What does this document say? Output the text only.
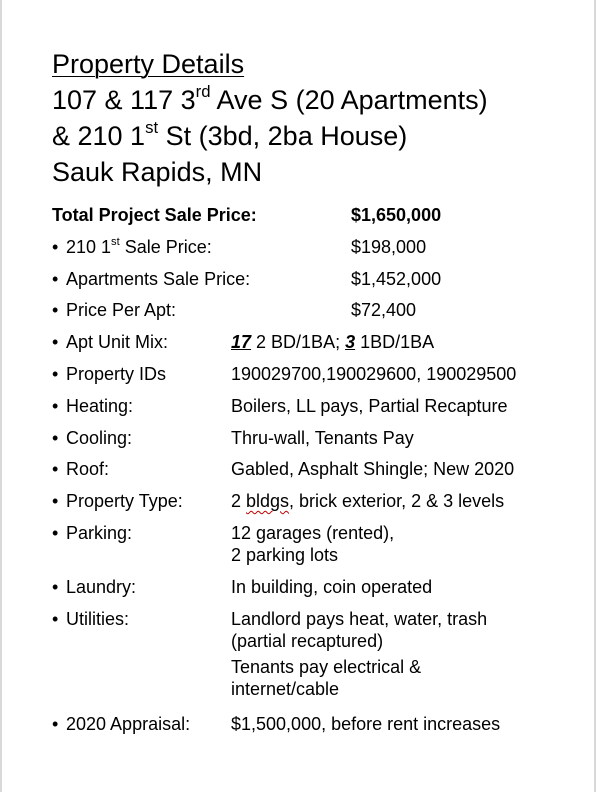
Property Details
107 & 117 3rd Ave S (20 Apartments)
& 210 1st St (3bd, 2ba House)
Sauk Rapids, MN
Total Project Sale Price:	$1,650,000
• 210 1st Sale Price:	$198,000
• Apartments Sale Price:	$1,452,000
• Price Per Apt:	$72,400
• Apt Unit Mix:	17 2 BD/1BA; 3 1BD/1BA
• Property IDs	190029700,190029600, 190029500
• Heating:	Boilers, LL pays, Partial Recapture
• Cooling:	Thru-wall, Tenants Pay
• Roof:	Gabled, Asphalt Shingle; New 2020
• Property Type:	2 bldgs, brick exterior, 2 & 3 levels
• Parking:	12 garages (rented),
2 parking lots
• Laundry:	In building, coin operated
• Utilities:	Landlord pays heat, water, trash
(partial recaptured)
Tenants pay electrical &
internet/cable
• 2020 Appraisal: $1,500,000, before rent increases
